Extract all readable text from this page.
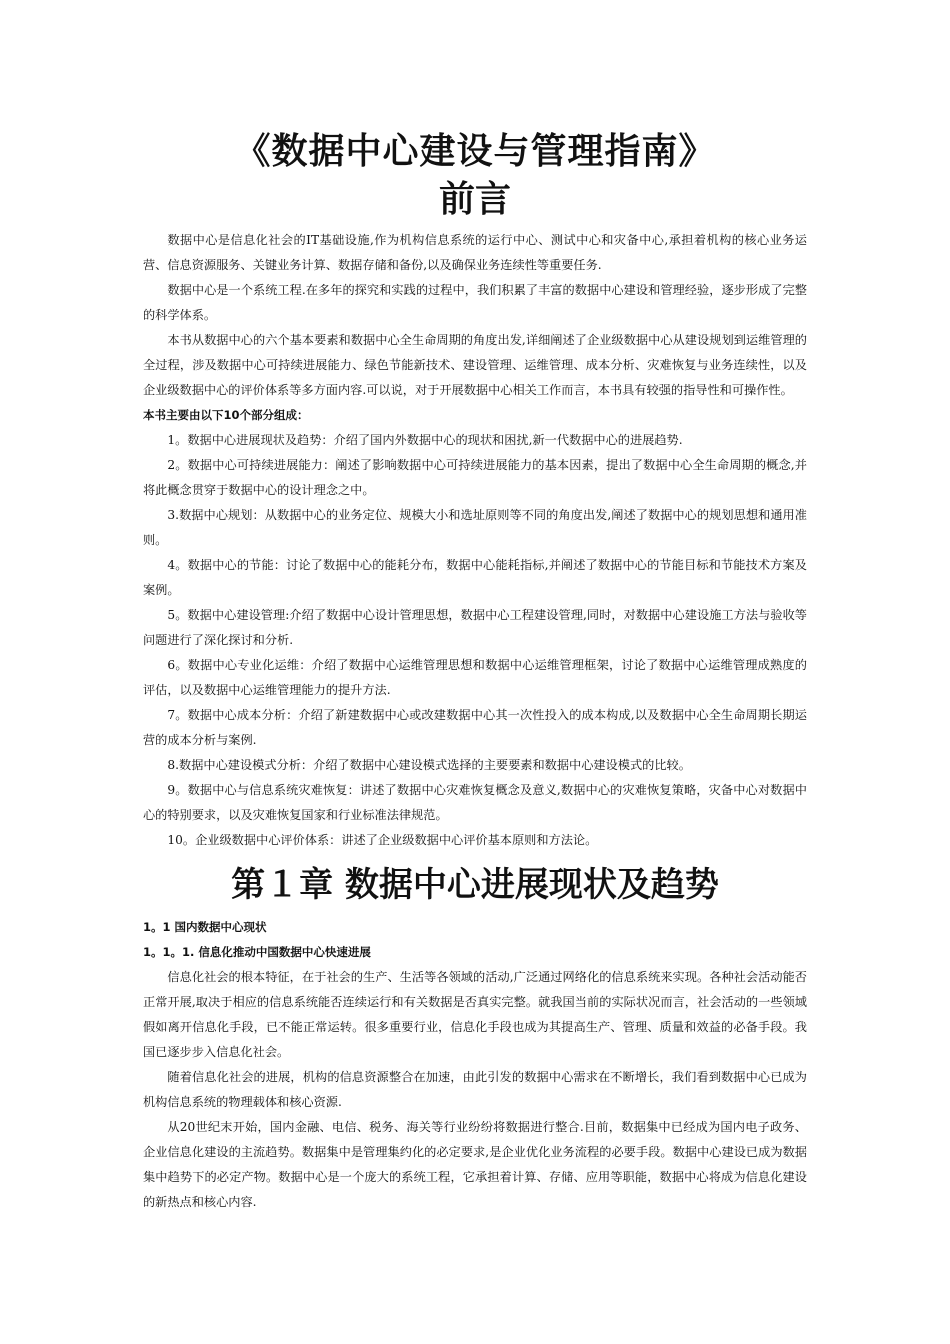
《数据中心建设与管理指南》
前言

数据中心是信息化社会的IT基础设施,作为机构信息系统的运行中心、测试中心和灾备中心,承担着机构的核心业务运营、信息资源服务、关键业务计算、数据存储和备份,以及确保业务连续性等重要任务.

数据中心是一个系统工程.在多年的探究和实践的过程中，我们积累了丰富的数据中心建设和管理经验，逐步形成了完整的科学体系。

本书从数据中心的六个基本要素和数据中心全生命周期的角度出发,详细阐述了企业级数据中心从建设规划到运维管理的全过程，涉及数据中心可持续进展能力、绿色节能新技术、建设管理、运维管理、成本分析、灾难恢复与业务连续性，以及企业级数据中心的评价体系等多方面内容.可以说，对于开展数据中心相关工作而言，本书具有较强的指导性和可操作性。

本书主要由以下10个部分组成：

1。数据中心进展现状及趋势：介绍了国内外数据中心的现状和困扰,新一代数据中心的进展趋势.

2。数据中心可持续进展能力：阐述了影响数据中心可持续进展能力的基本因素，提出了数据中心全生命周期的概念,并将此概念贯穿于数据中心的设计理念之中。

3.数据中心规划：从数据中心的业务定位、规模大小和选址原则等不同的角度出发,阐述了数据中心的规划思想和通用准则。

4。数据中心的节能：讨论了数据中心的能耗分布，数据中心能耗指标,并阐述了数据中心的节能目标和节能技术方案及案例。

5。数据中心建设管理:介绍了数据中心设计管理思想，数据中心工程建设管理,同时，对数据中心建设施工方法与验收等问题进行了深化探讨和分析.

6。数据中心专业化运维：介绍了数据中心运维管理思想和数据中心运维管理框架，讨论了数据中心运维管理成熟度的评估，以及数据中心运维管理能力的提升方法.

7。数据中心成本分析：介绍了新建数据中心或改建数据中心其一次性投入的成本构成,以及数据中心全生命周期长期运营的成本分析与案例.

8.数据中心建设模式分析：介绍了数据中心建设模式选择的主要要素和数据中心建设模式的比较。

9。数据中心与信息系统灾难恢复：讲述了数据中心灾难恢复概念及意义,数据中心的灾难恢复策略，灾备中心对数据中心的特别要求，以及灾难恢复国家和行业标准法律规范。

10。企业级数据中心评价体系：讲述了企业级数据中心评价基本原则和方法论。

第１章 数据中心进展现状及趋势
1。1 国内数据中心现状
1。1。1. 信息化推动中国数据中心快速进展

信息化社会的根本特征，在于社会的生产、生活等各领域的活动,广泛通过网络化的信息系统来实现。各种社会活动能否正常开展,取决于相应的信息系统能否连续运行和有关数据是否真实完整。就我国当前的实际状况而言，社会活动的一些领域假如离开信息化手段，已不能正常运转。很多重要行业，信息化手段也成为其提高生产、管理、质量和效益的必备手段。我国已逐步步入信息化社会。

随着信息化社会的进展，机构的信息资源整合在加速，由此引发的数据中心需求在不断增长，我们看到数据中心已成为机构信息系统的物理载体和核心资源.

从20世纪末开始，国内金融、电信、税务、海关等行业纷纷将数据进行整合.目前，数据集中已经成为国内电子政务、企业信息化建设的主流趋势。数据集中是管理集约化的必定要求,是企业优化业务流程的必要手段。数据中心建设已成为数据集中趋势下的必定产物。数据中心是一个庞大的系统工程，它承担着计算、存储、应用等职能，数据中心将成为信息化建设的新热点和核心内容.
